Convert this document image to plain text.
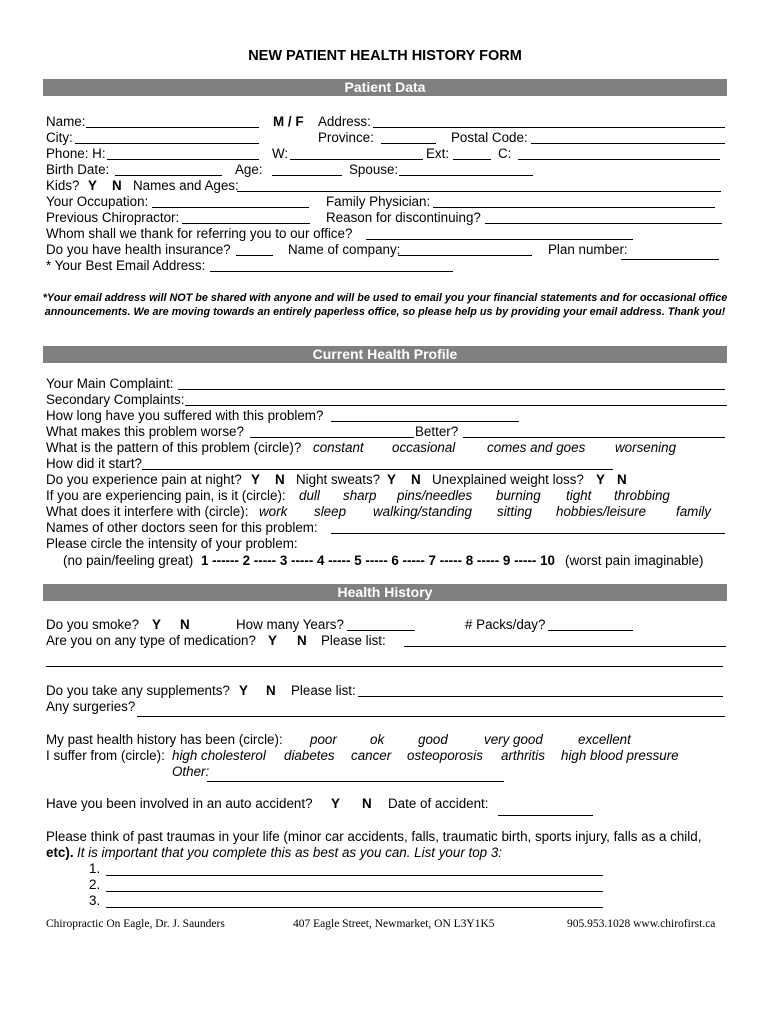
NEW PATIENT HEALTH HISTORY FORM
Patient Data
Name:	M / F Address:
City:	Province:	Postal Code:
Phone: H:	W:	Ext:	C:
Birth Date:	Age:	Spouse:
Kids? Y N Names and Ages:
Your Occupation:	Family Physician:
Previous Chiropractor:	Reason for discontinuing?
Whom shall we thank for referring you to our office?
Do you have health insurance?	Name of company:	Plan number:
* Your Best Email Address:
*Your email address will NOT be shared with anyone and will be used to email you your financial statements and for occasional office announcements. We are moving towards an entirely paperless office, so please help us by providing your email address. Thank you!
Current Health Profile
Your Main Complaint:
Secondary Complaints:
How long have you suffered with this problem?
What makes this problem worse?	Better?
What is the pattern of this problem (circle)? constant occasional comes and goes worsening
How did it start?
Do you experience pain at night? Y N Night sweats? Y N Unexplained weight loss? Y N
If you are experiencing pain, is it (circle): dull sharp pins/needles burning tight throbbing
What does it interfere with (circle): work sleep walking/standing sitting hobbies/leisure family
Names of other doctors seen for this problem:
Please circle the intensity of your problem:
(no pain/feeling great) 1 ------ 2 ----- 3 ----- 4 ----- 5 ----- 6 ----- 7 ----- 8 ----- 9 ----- 10 (worst pain imaginable)
Health History
Do you smoke? Y N	How many Years?	# Packs/day?
Are you on any type of medication? Y N Please list:
Do you take any supplements? Y N Please list:
Any surgeries?
My past health history has been (circle): poor ok	good	very good	excellent
I suffer from (circle): high cholesterol diabetes cancer osteoporosis arthritis high blood pressure
Other:
Have you been involved in an auto accident? Y N Date of accident:
Please think of past traumas in your life (minor car accidents, falls, traumatic birth, sports injury, falls as a child,
etc). It is important that you complete this as best as you can. List your top 3:
1.
2.
3.
Chiropractic On Eagle, Dr. J. Saunders	407 Eagle Street, Newmarket, ON L3Y1K5	905.953.1028 www.chirofirst.ca
